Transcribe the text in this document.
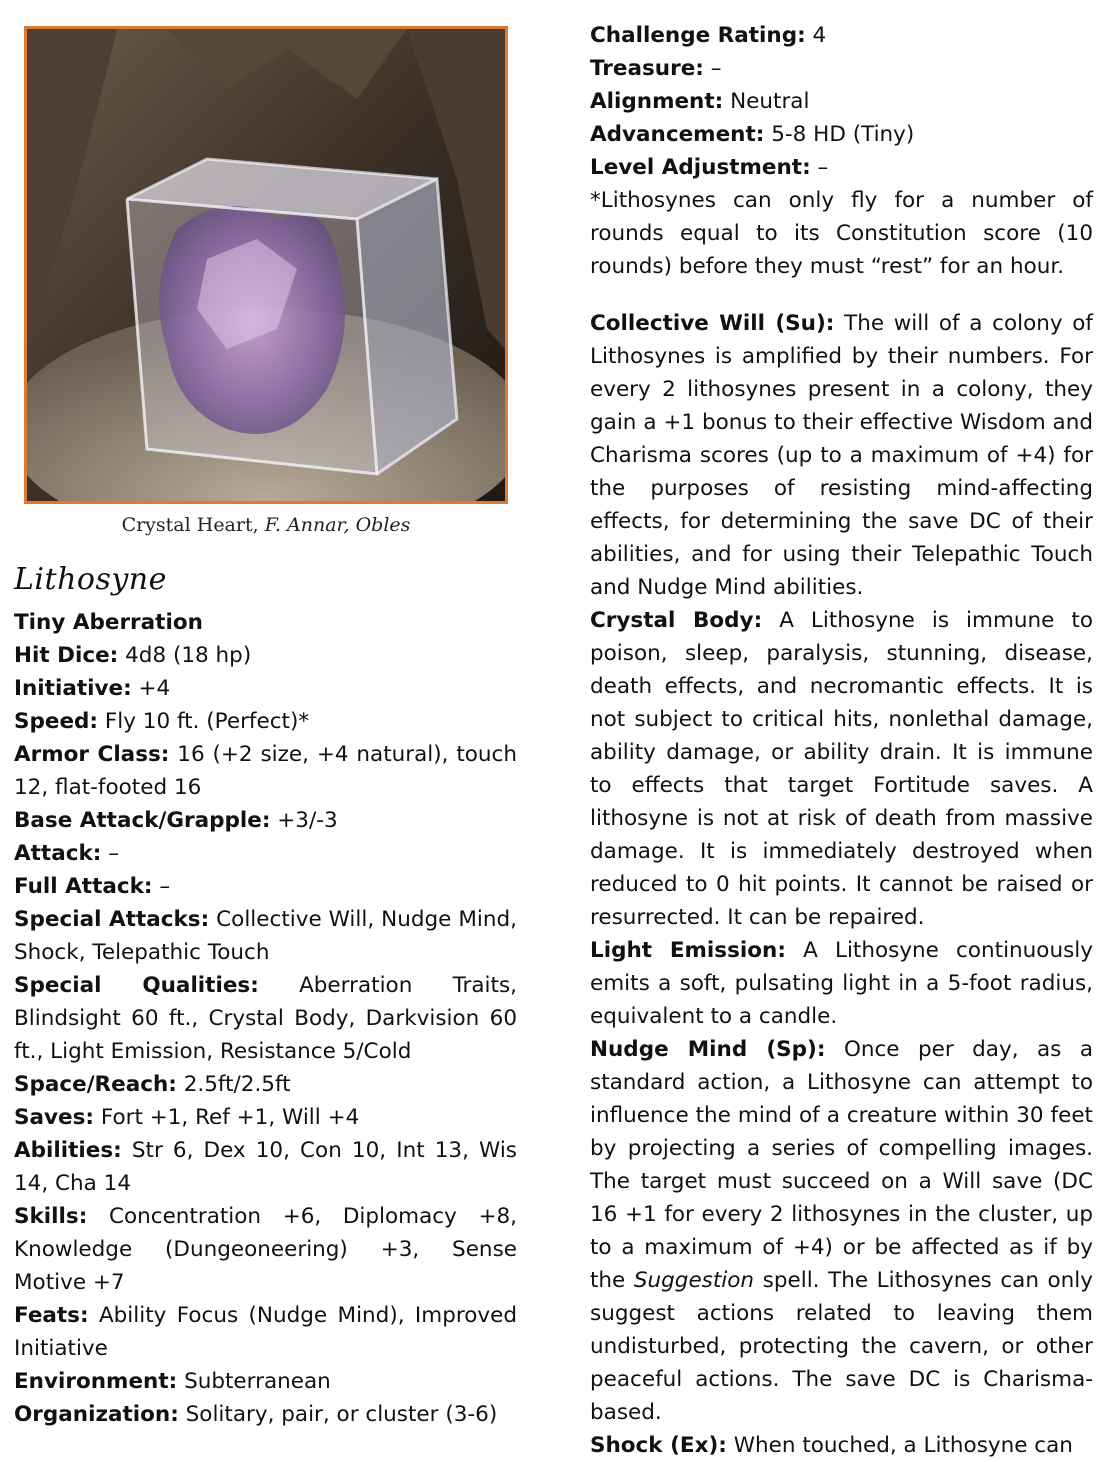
Crystal Heart, F. Annar, Obles
Lithosyne

Tiny Aberration

Hit Dice: 4d8 (18 hp)

Initiative: +4

Speed: Fly 10 ft. (Perfect)*

Armor Class: 16 (+2 size, +4 natural), touch 12, flat-footed 16

Base Attack/Grapple: +3/-3

Attack: –

Full Attack: –

Special Attacks: Collective Will, Nudge Mind, Shock, Telepathic Touch

Special Qualities: Aberration Traits, Blindsight 60 ft., Crystal Body, Darkvision 60 ft., Light Emission, Resistance 5/Cold

Space/Reach: 2.5ft/2.5ft

Saves: Fort +1, Ref +1, Will +4

Abilities: Str 6, Dex 10, Con 10, Int 13, Wis 14, Cha 14

Skills: Concentration +6, Diplomacy +8, Knowledge (Dungeoneering) +3, Sense Motive +7

Feats: Ability Focus (Nudge Mind), Improved Initiative

Environment: Subterranean

Organization: Solitary, pair, or cluster (3-6)

Challenge Rating: 4

Treasure: –

Alignment: Neutral

Advancement: 5-8 HD (Tiny)

Level Adjustment: –

*Lithosynes can only fly for a number of rounds equal to its Constitution score (10 rounds) before they must “rest” for an hour.

Collective Will (Su): The will of a colony of Lithosynes is amplified by their numbers. For every 2 lithosynes present in a colony, they gain a +1 bonus to their effective Wisdom and Charisma scores (up to a maximum of +4) for the purposes of resisting mind-affecting effects, for determining the save DC of their abilities, and for using their Telepathic Touch and Nudge Mind abilities.

Crystal Body: A Lithosyne is immune to poison, sleep, paralysis, stunning, disease, death effects, and necromantic effects. It is not subject to critical hits, nonlethal damage, ability damage, or ability drain. It is immune to effects that target Fortitude saves. A lithosyne is not at risk of death from massive damage. It is immediately destroyed when reduced to 0 hit points. It cannot be raised or resurrected. It can be repaired.

Light Emission: A Lithosyne continuously emits a soft, pulsating light in a 5-foot radius, equivalent to a candle.

Nudge Mind (Sp): Once per day, as a standard action, a Lithosyne can attempt to influence the mind of a creature within 30 feet by projecting a series of compelling images. The target must succeed on a Will save (DC 16 +1 for every 2 lithosynes in the cluster, up to a maximum of +4) or be affected as if by the Suggestion spell. The Lithosynes can only suggest actions related to leaving them undisturbed, protecting the cavern, or other peaceful actions. The save DC is Charisma-based.

Shock (Ex): When touched, a Lithosyne can
